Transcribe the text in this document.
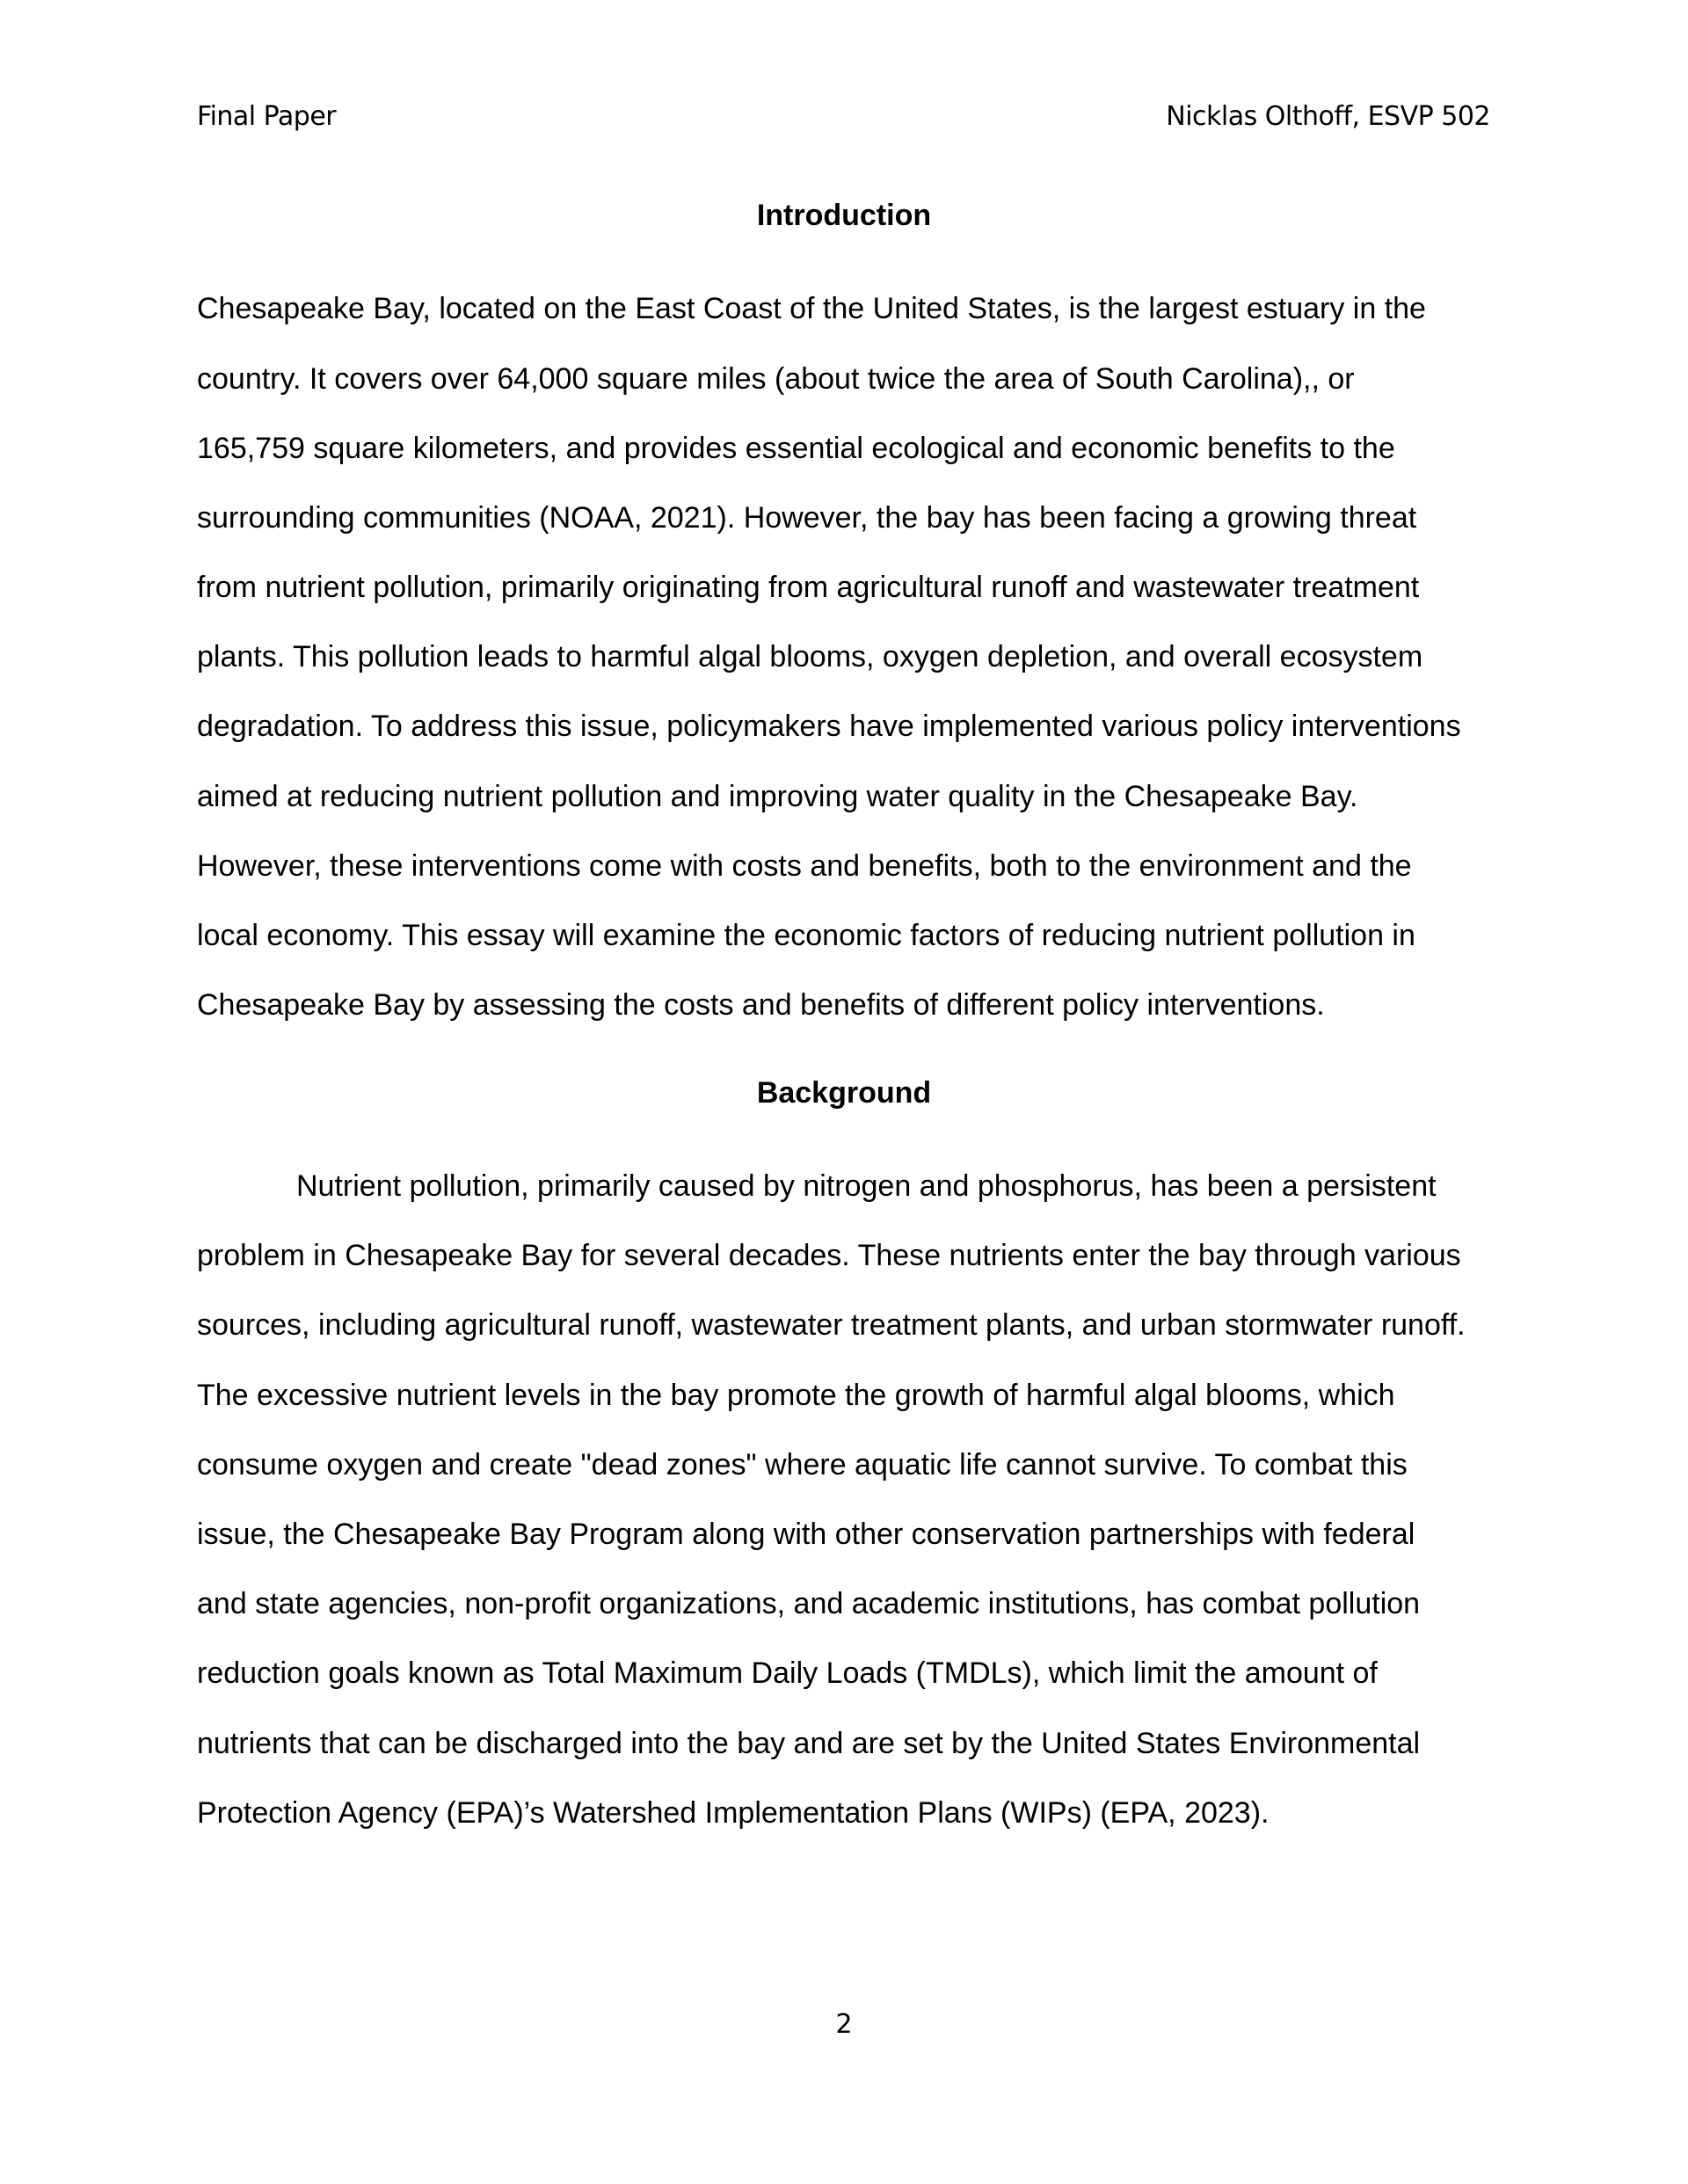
Final Paper	Nicklas Olthoff, ESVP 502
Introduction
Chesapeake Bay, located on the East Coast of the United States, is the largest estuary in the
country. It covers over 64,000 square miles (about twice the area of South Carolina),, or
165,759 square kilometers, and provides essential ecological and economic benefits to the
surrounding communities (NOAA, 2021). However, the bay has been facing a growing threat
from nutrient pollution, primarily originating from agricultural runoff and wastewater treatment
plants. This pollution leads to harmful algal blooms, oxygen depletion, and overall ecosystem
degradation. To address this issue, policymakers have implemented various policy interventions
aimed at reducing nutrient pollution and improving water quality in the Chesapeake Bay.
However, these interventions come with costs and benefits, both to the environment and the
local economy. This essay will examine the economic factors of reducing nutrient pollution in
Chesapeake Bay by assessing the costs and benefits of different policy interventions.
Background
Nutrient pollution, primarily caused by nitrogen and phosphorus, has been a persistent
problem in Chesapeake Bay for several decades. These nutrients enter the bay through various
sources, including agricultural runoff, wastewater treatment plants, and urban stormwater runoff.
The excessive nutrient levels in the bay promote the growth of harmful algal blooms, which
consume oxygen and create "dead zones" where aquatic life cannot survive. To combat this
issue, the Chesapeake Bay Program along with other conservation partnerships with federal
and state agencies, non-profit organizations, and academic institutions, has combat pollution
reduction goals known as Total Maximum Daily Loads (TMDLs), which limit the amount of
nutrients that can be discharged into the bay and are set by the United States Environmental
Protection Agency (EPA)’s Watershed Implementation Plans (WIPs) (EPA, 2023).
2
